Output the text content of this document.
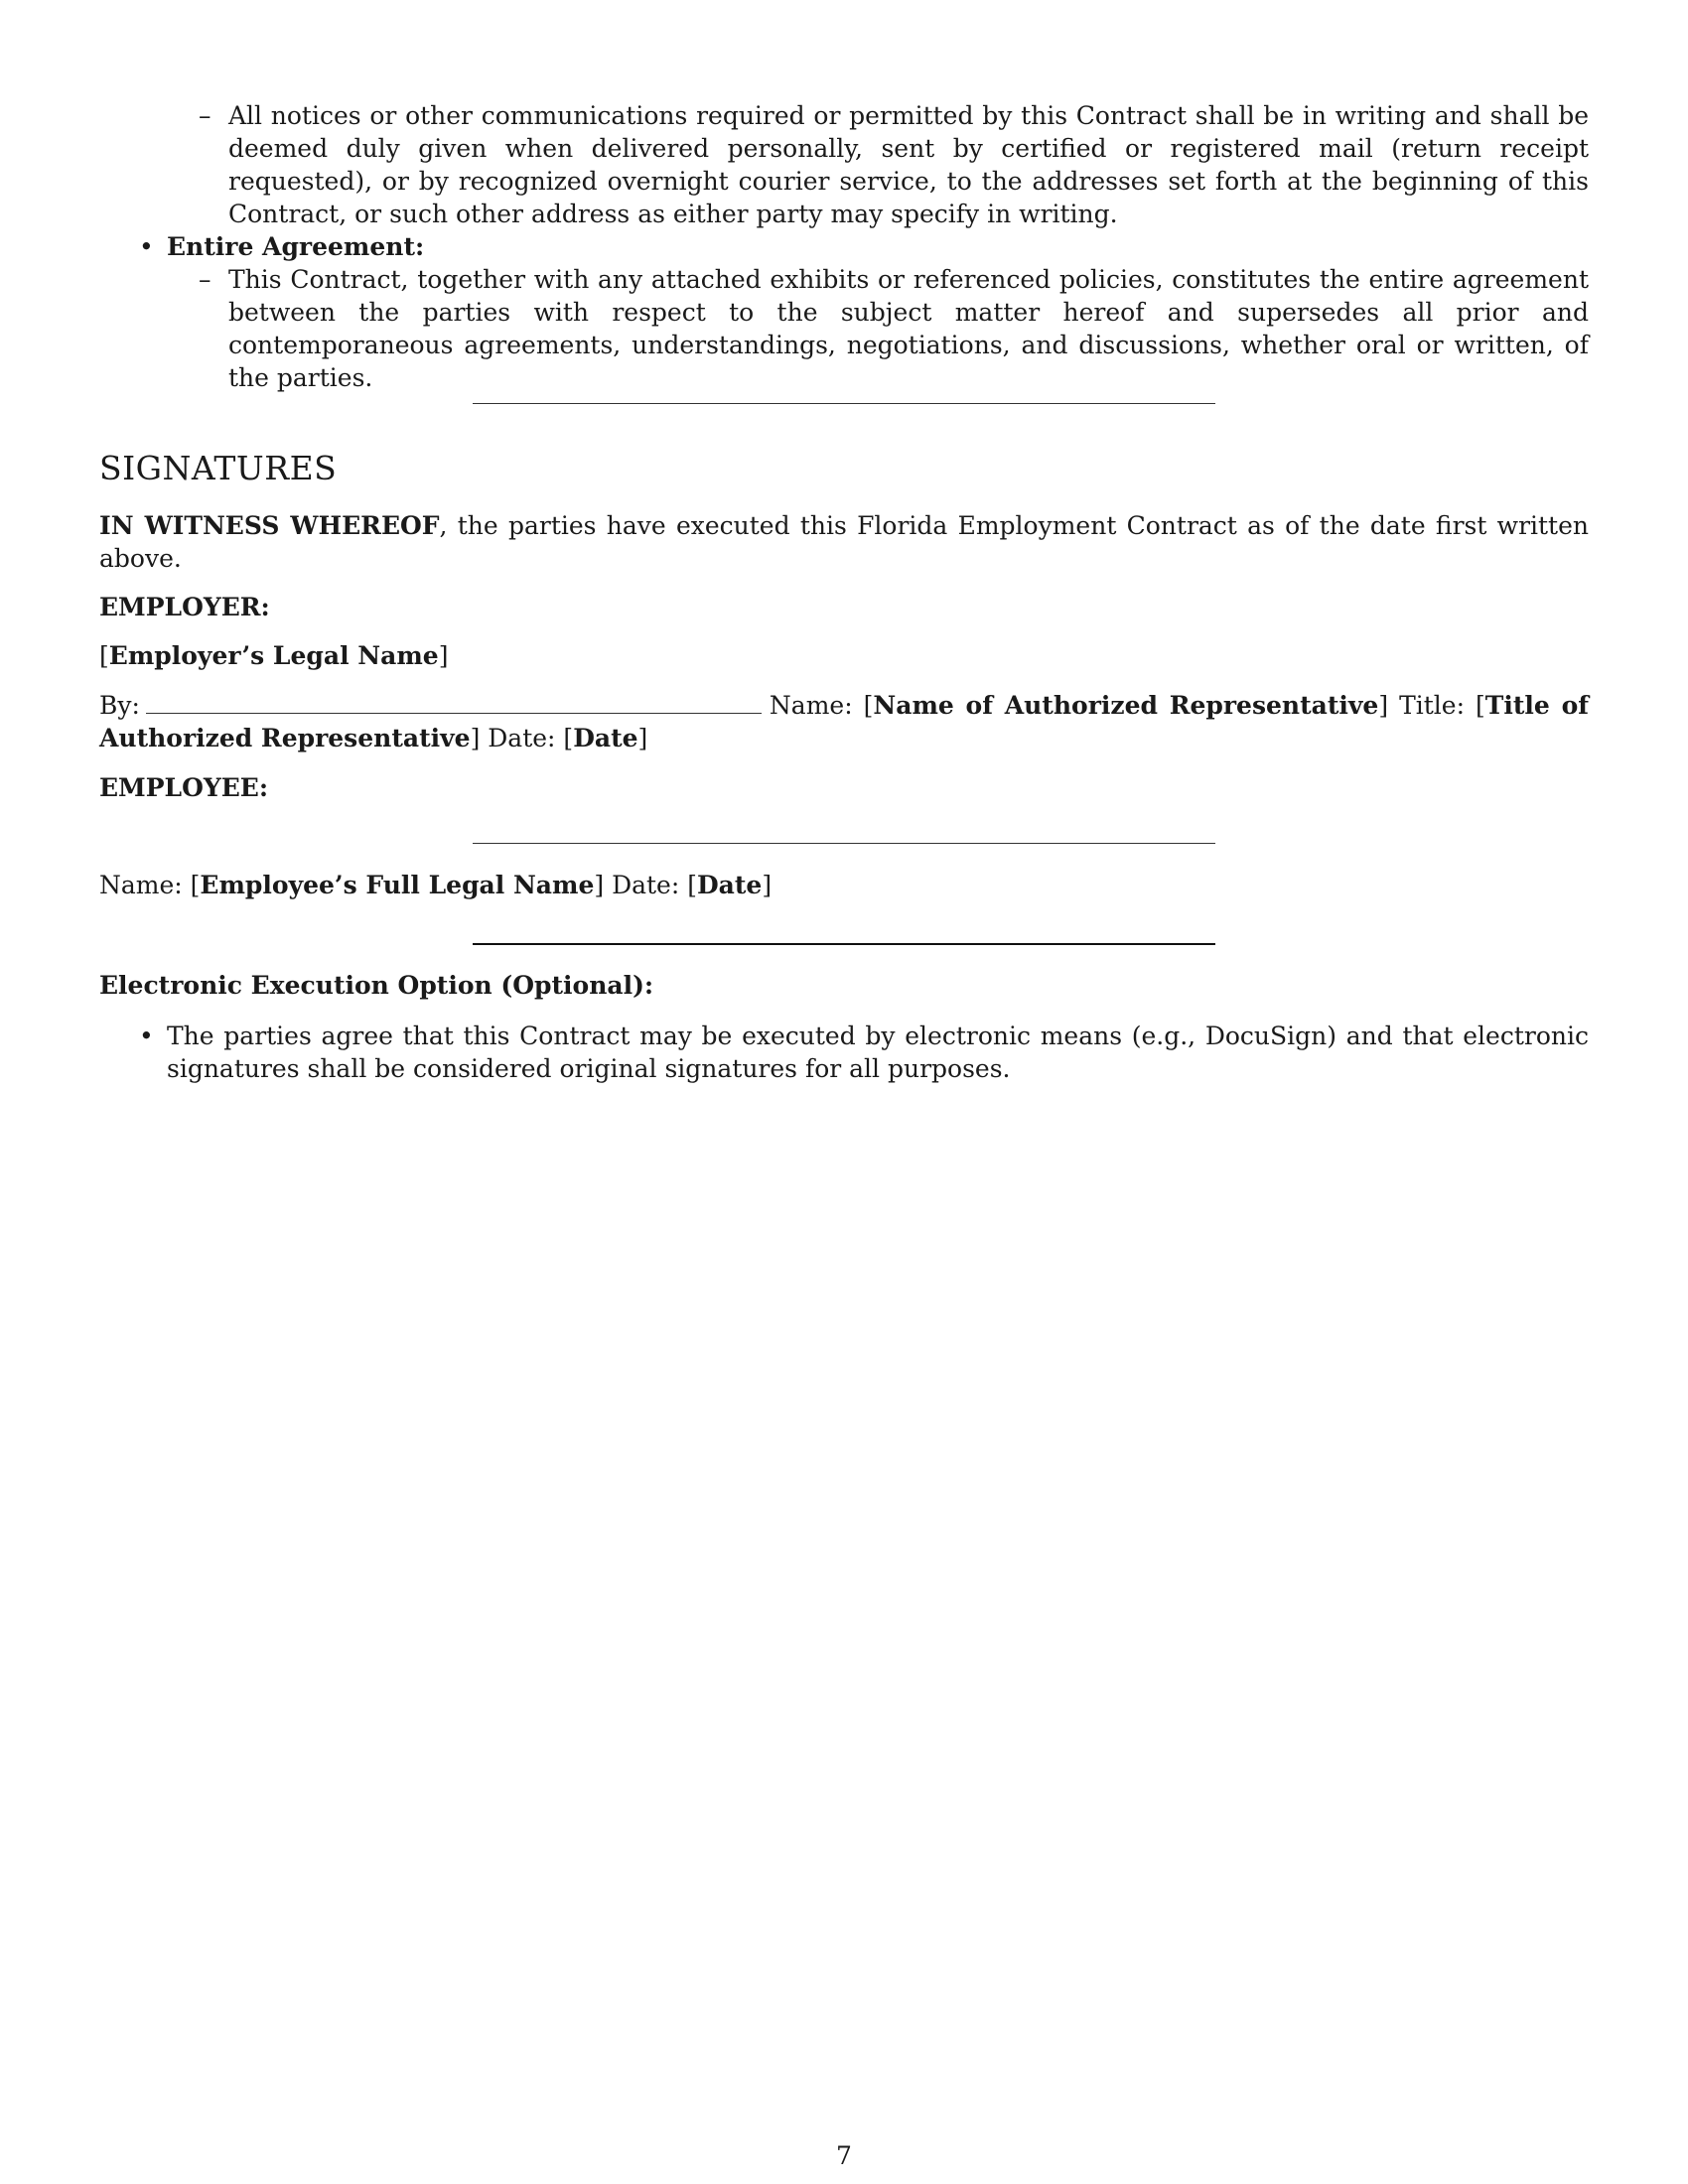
– All notices or other communications required or permitted by this Contract shall be in writing and shall be deemed duly given when delivered personally, sent by certified or registered mail (return receipt requested), or by recognized overnight courier service, to the addresses set forth at the beginning of this Contract, or such other address as either party may specify in writing.
• Entire Agreement:
– This Contract, together with any attached exhibits or referenced policies, constitutes the entire agreement between the parties with respect to the subject matter hereof and supersedes all prior and contemporaneous agreements, understandings, negotiations, and discussions, whether oral or written, of the parties.
SIGNATURES
IN WITNESS WHEREOF, the parties have executed this Florida Employment Contract as of the date first written above.
EMPLOYER:
[Employer’s Legal Name]
By:	Name: [Name of Authorized Representative] Title: [Title of Authorized Representative] Date: [Date]
EMPLOYEE:
Name: [Employee’s Full Legal Name] Date: [Date]
Electronic Execution Option (Optional):
• The parties agree that this Contract may be executed by electronic means (e.g., DocuSign) and that electronic signatures shall be considered original signatures for all purposes.
7
